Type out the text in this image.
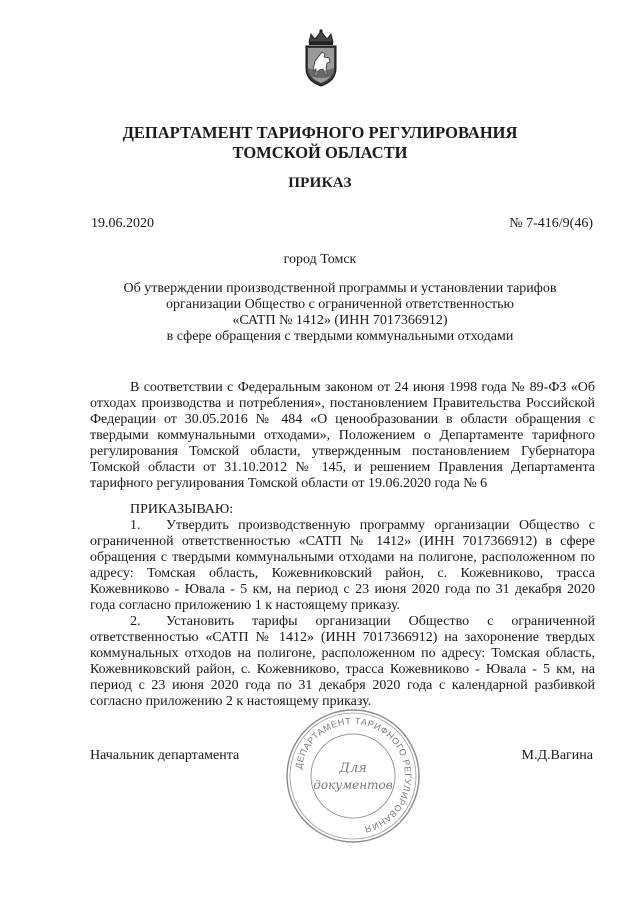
ДЕПАРТАМЕНТ ТАРИФНОГО РЕГУЛИРОВАНИЯ
ТОМСКОЙ ОБЛАСТИ
ПРИКАЗ
19.06.2020	№ 7-416/9(46)
город Томск
Об утверждении производственной программы и установлении тарифов
организации Общество с ограниченной ответственностью
«САТП № 1412» (ИНН 7017366912)
в сфере обращения с твердыми коммунальными отходами
В соответствии с Федеральным законом от 24 июня 1998 года № 89-ФЗ «Об
отходах производства и потребления», постановлением Правительства Российской
Федерации от 30.05.2016 № 484 «О ценообразовании в области обращения с
твердыми коммунальными отходами», Положением о Департаменте тарифного
регулирования Томской области, утвержденным постановлением Губернатора
Томской области от 31.10.2012 № 145, и решением Правления Департамента
тарифного регулирования Томской области от 19.06.2020 года № 6
ПРИКАЗЫВАЮ:
1. Утвердить производственную программу организации Общество с
ограниченной ответственностью «САТП № 1412» (ИНН 7017366912) в сфере
обращения с твердыми коммунальными отходами на полигоне, расположенном по
адресу: Томская область, Кожевниковский район, с. Кожевниково, трасса
Кожевниково - Ювала - 5 км, на период с 23 июня 2020 года по 31 декабря 2020
года согласно приложению 1 к настоящему приказу.
2. Установить тарифы организации Общество с ограниченной
ответственностью «САТП № 1412» (ИНН 7017366912) на захоронение твердых
коммунальных отходов на полигоне, расположенном по адресу: Томская область,
Кожевниковский район, с. Кожевниково, трасса Кожевниково - Ювала - 5 км, на
период с 23 июня 2020 года по 31 декабря 2020 года с календарной разбивкой
согласно приложению 2 к настоящему приказу.
ДЕПАРТАМЕНТ ТАРИФНОГО РЕГУЛИРОВАНИЯ
Для
документов
Начальник департамента	М.Д.Вагина
